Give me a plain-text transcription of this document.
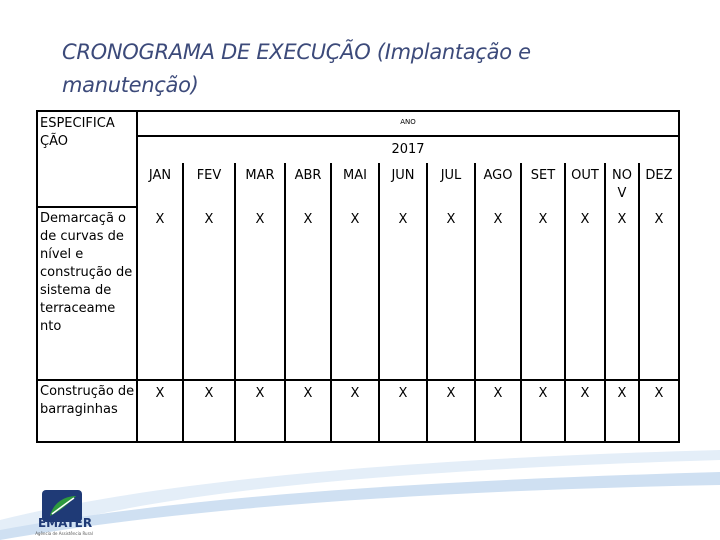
CRONOGRAMA DE EXECUÇÃO (Implantação e manutenção)
ESPECIFICA ÇÃO	ANO											
	2017											
	JAN	FEV	MAR	ABR	MAI	JUN	JUL	AGO	SET	OUT	NO V	DEZ
Demarcaçã o de curvas de nível e construção de sistema de terraceame nto	X	X	X	X	X	X	X	X	X	X	X	X
Construção de barraginhas	X	X	X	X	X	X	X	X	X	X	X	X
EMATER
Agência de Assistência Rural
